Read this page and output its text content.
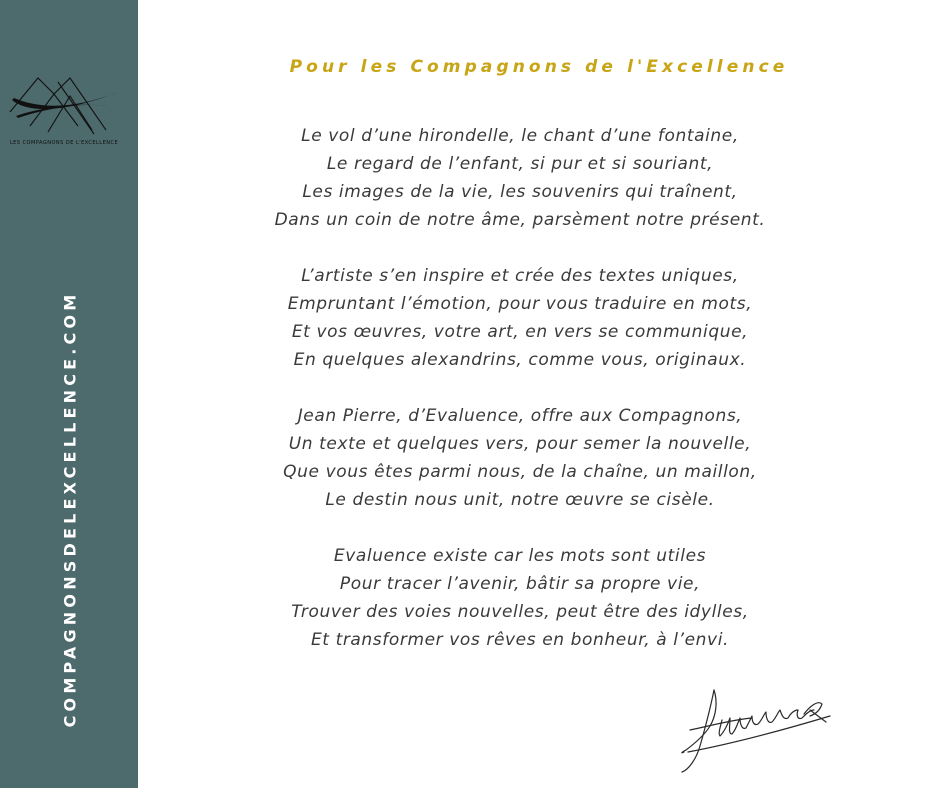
LES COMPAGNONS DE L'EXCELLENCE
COMPAGNONSDELEXCELLENCE.COM
Pour les Compagnons de l'Excellence
Le vol d’une hirondelle, le chant d’une fontaine,
Le regard de l’enfant, si pur et si souriant,
Les images de la vie, les souvenirs qui traînent,
Dans un coin de notre âme, parsèment notre présent.
L’artiste s’en inspire et crée des textes uniques,
Empruntant l’émotion, pour vous traduire en mots,
Et vos œuvres, votre art, en vers se communique,
En quelques alexandrins, comme vous, originaux.
Jean Pierre, d’Evaluence, offre aux Compagnons,
Un texte et quelques vers, pour semer la nouvelle,
Que vous êtes parmi nous, de la chaîne, un maillon,
Le destin nous unit, notre œuvre se cisèle.
Evaluence existe car les mots sont utiles
Pour tracer l’avenir, bâtir sa propre vie,
Trouver des voies nouvelles, peut être des idylles,
Et transformer vos rêves en bonheur, à l’envi.
